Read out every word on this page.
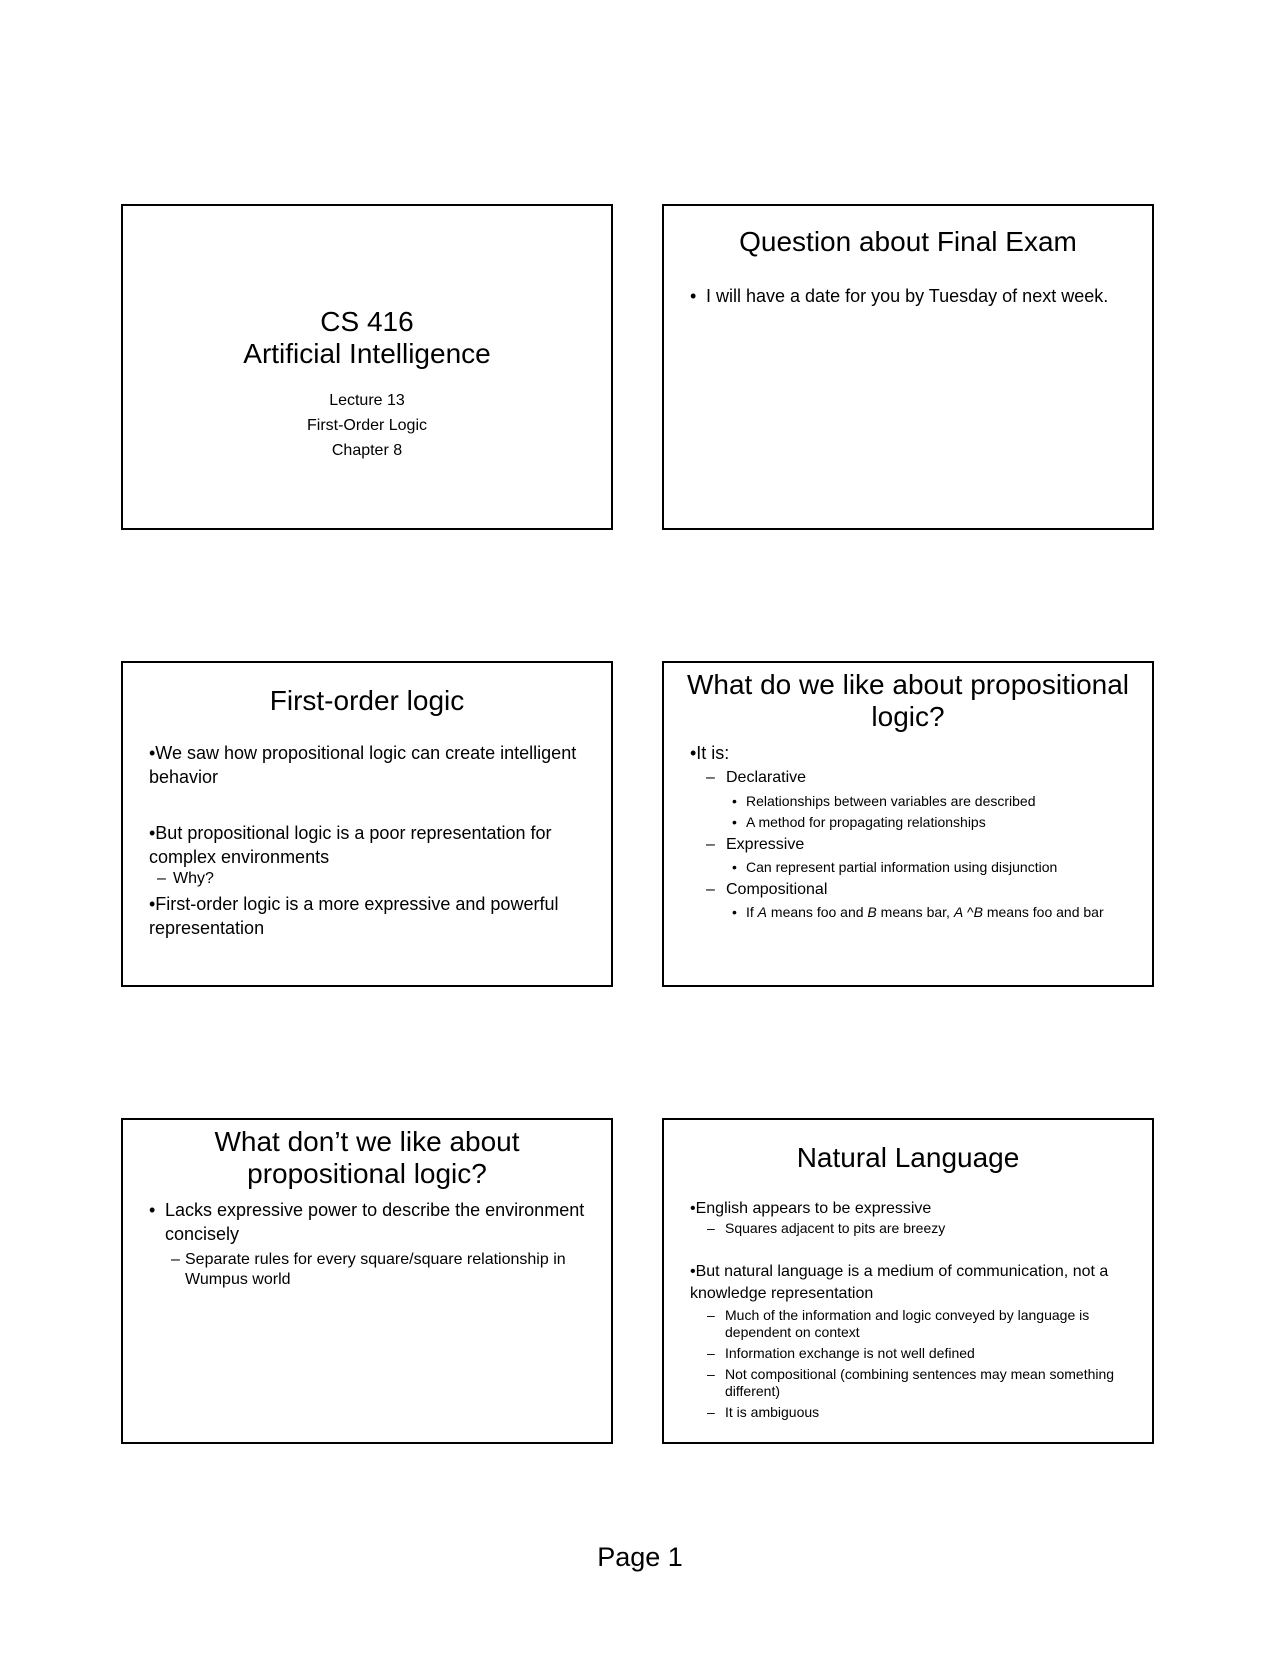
CS 416
Artificial Intelligence
Lecture 13
First-Order Logic
Chapter 8
Question about Final Exam
• I will have a date for you by Tuesday of next week.
First-order logic
•We saw how propositional logic can create intelligent behavior
•But propositional logic is a poor representation for complex environments
– Why?
•First-order logic is a more expressive and powerful representation
What do we like about propositional logic?
•It is:
– Declarative
• Relationships between variables are described
• A method for propagating relationships
– Expressive
• Can represent partial information using disjunction
– Compositional
• If A means foo and B means bar, A ^B means foo and bar
What don’t we like about propositional logic?
• Lacks expressive power to describe the environment concisely
– Separate rules for every square/square relationship in Wumpus world
Natural Language
•English appears to be expressive
– Squares adjacent to pits are breezy
•But natural language is a medium of communication, not a knowledge representation
– Much of the information and logic conveyed by language is dependent on context
– Information exchange is not well defined
– Not compositional (combining sentences may mean something different)
– It is ambiguous
Page 1
